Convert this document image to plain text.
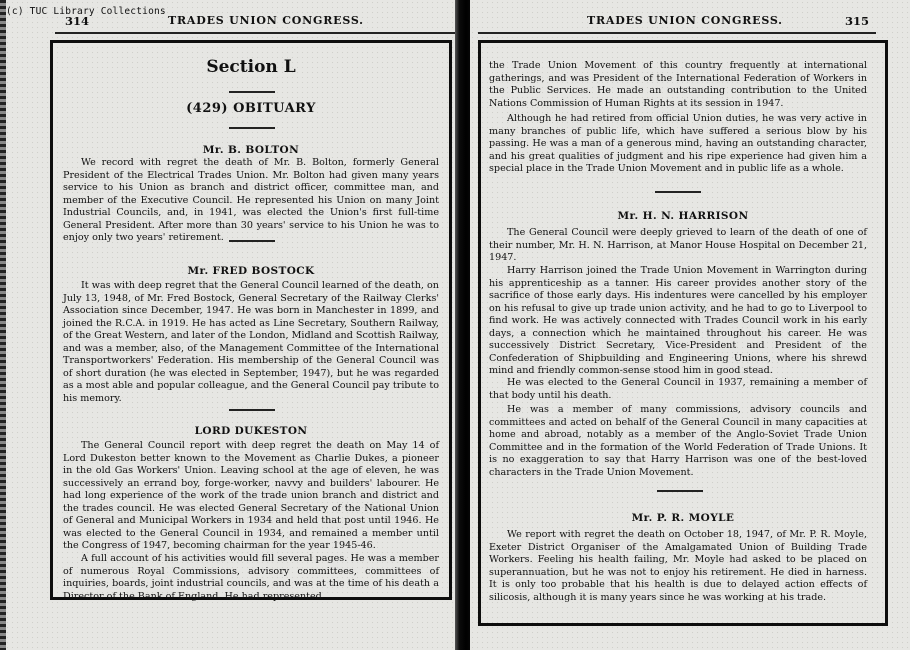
(c) TUC Library Collections
314	TRADES UNION CONGRESS.
Section L
(429) OBITUARY
Mr. B. BOLTON

We record with regret the death of Mr. B. Bolton, formerly General President of the Electrical Trades Union. Mr. Bolton had given many years service to his Union as branch and district officer, committee man, and member of the Executive Council. He represented his Union on many Joint Industrial Councils, and, in 1941, was elected the Union's first full-time General President. After more than 30 years' service to his Union he was to enjoy only two years' retirement.

Mr. FRED BOSTOCK

It was with deep regret that the General Council learned of the death, on July 13, 1948, of Mr. Fred Bostock, General Secretary of the Railway Clerks' Association since December, 1947. He was born in Manchester in 1899, and joined the R.C.A. in 1919. He has acted as Line Secretary, Southern Railway, of the Great Western, and later of the London, Midland and Scottish Railway, and was a member, also, of the Management Committee of the International Transportworkers' Federation. His membership of the General Council was of short duration (he was elected in September, 1947), but he was regarded as a most able and popular colleague, and the General Council pay tribute to his memory.

LORD DUKESTON

The General Council report with deep regret the death on May 14 of Lord Dukeston better known to the Movement as Charlie Dukes, a pioneer in the old Gas Workers' Union. Leaving school at the age of eleven, he was successively an errand boy, forge-worker, navvy and builders' labourer. He had long experience of the work of the trade union branch and district and the trades council. He was elected General Secretary of the National Union of General and Municipal Workers in 1934 and held that post until 1946. He was elected to the General Council in 1934, and remained a member until the Congress of 1947, becoming chairman for the year 1945-46.

A full account of his activities would fill several pages. He was a member of numerous Royal Commissions, advisory committees, committees of inquiries, boards, joint industrial councils, and was at the time of his death a Director of the Bank of England. He had represented

TRADES UNION CONGRESS.	315

the Trade Union Movement of this country frequently at international gatherings, and was President of the International Federation of Workers in the Public Services. He made an outstanding contribution to the United Nations Commission of Human Rights at its session in 1947.

Although he had retired from official Union duties, he was very active in many branches of public life, which have suffered a serious blow by his passing. He was a man of a generous mind, having an outstanding character, and his great qualities of judgment and his ripe experience had given him a special place in the Trade Union Movement and in public life as a whole.

Mr. H. N. HARRISON

The General Council were deeply grieved to learn of the death of one of their number, Mr. H. N. Harrison, at Manor House Hospital on December 21, 1947.

Harry Harrison joined the Trade Union Movement in Warrington during his apprenticeship as a tanner. His career provides another story of the sacrifice of those early days. His indentures were cancelled by his employer on his refusal to give up trade union activity, and he had to go to Liverpool to find work. He was actively connected with Trades Council work in his early days, a connection which he maintained throughout his career. He was successively District Secretary, Vice-President and President of the Confederation of Shipbuilding and Engineering Unions, where his shrewd mind and friendly common-sense stood him in good stead.

He was elected to the General Council in 1937, remaining a member of that body until his death.

He was a member of many commissions, advisory councils and committees and acted on behalf of the General Council in many capacities at home and abroad, notably as a member of the Anglo-Soviet Trade Union Committee and in the formation of the World Federation of Trade Unions. It is no exaggeration to say that Harry Harrison was one of the best-loved characters in the Trade Union Movement.

Mr. P. R. MOYLE

We report with regret the death on October 18, 1947, of Mr. P. R. Moyle, Exeter District Organiser of the Amalgamated Union of Building Trade Workers. Feeling his health failing, Mr. Moyle had asked to be placed on superannuation, but he was not to enjoy his retirement. He died in harness. It is only too probable that his health is due to delayed action effects of silicosis, although it is many years since he was working at his trade.
